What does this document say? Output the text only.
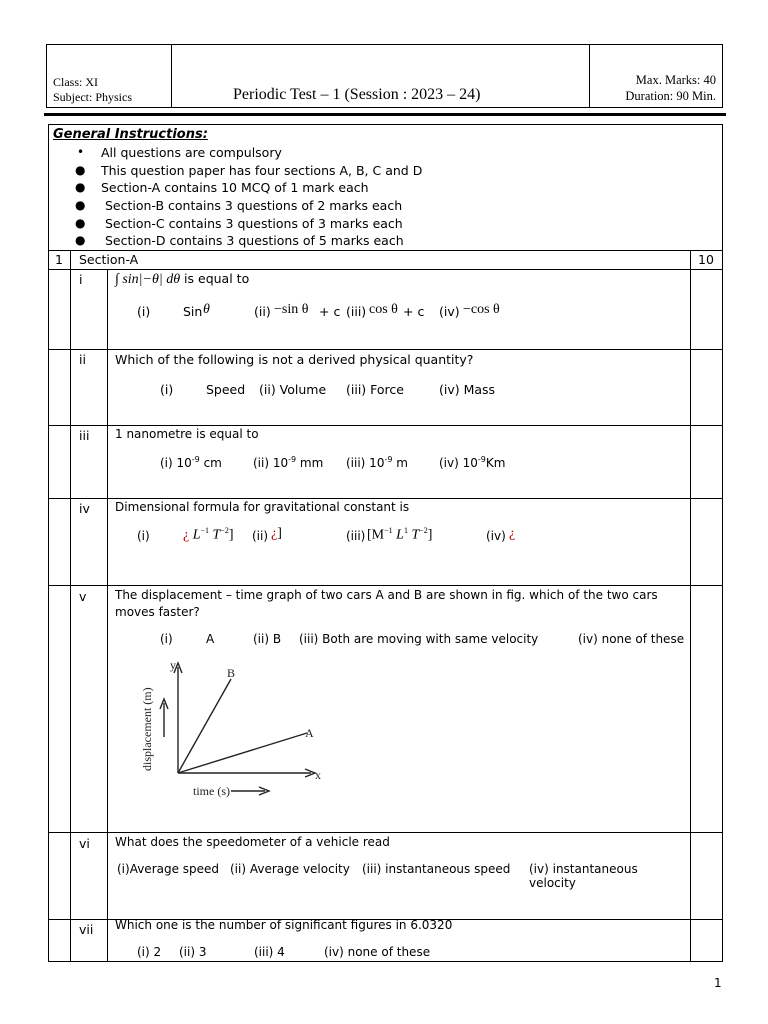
Class: XI
Subject: Physics	Periodic Test – 1 (Session : 2023 – 24)
Max. Marks: 40
Duration: 90 Min.
General Instructions:
• All questions are compulsory
● This question paper has four sections A, B, C and D
● Section-A contains 10 MCQ of 1 mark each
● Section-B contains 3 questions of 2 marks each
● Section-C contains 3 questions of 3 marks each
● Section-D contains 3 questions of 5 marks each
1 Section-A	10
i ∫ sin|−θ| dθ is equal to
(i)	Sin θ	(ii) −sin θ + c (iii) cos θ + c (iv) −cos θ
ii Which of the following is not a derived physical quantity?
(i)	Speed (ii) Volume (iii) Force	(iv) Mass
iii 1 nanometre is equal to
(i) $10^{-9}$ cm	(ii) $10^{-9}$ mm (iii) $10^{-9}$ m	(iv) $10^{-9}Km$
iv Dimensional formula for gravitational constant is
(i) ¿ $L^{-1}$ $T^{-2}$] (ii) ¿]	(iii) [$M^{-1}$ $L^1$ $T^{-2}$]	(iv) ¿
v The displacement – time graph of two cars A and B are shown in fig. which of the two cars moves faster?
(i)	A	(ii) B (iii) Both are moving with same velocity	(iv) none of these
y
x
B
A
time (s)
displacement (m)
vi What does the speedometer of a vehicle read
(i)Average speed (ii) Average velocity (iii) instantaneous speed (iv) instantaneous velocity
vii Which one is the number of significant figures in 6.0320
(i) 2 (ii) 3	(iii) 4	(iv) none of these
1
